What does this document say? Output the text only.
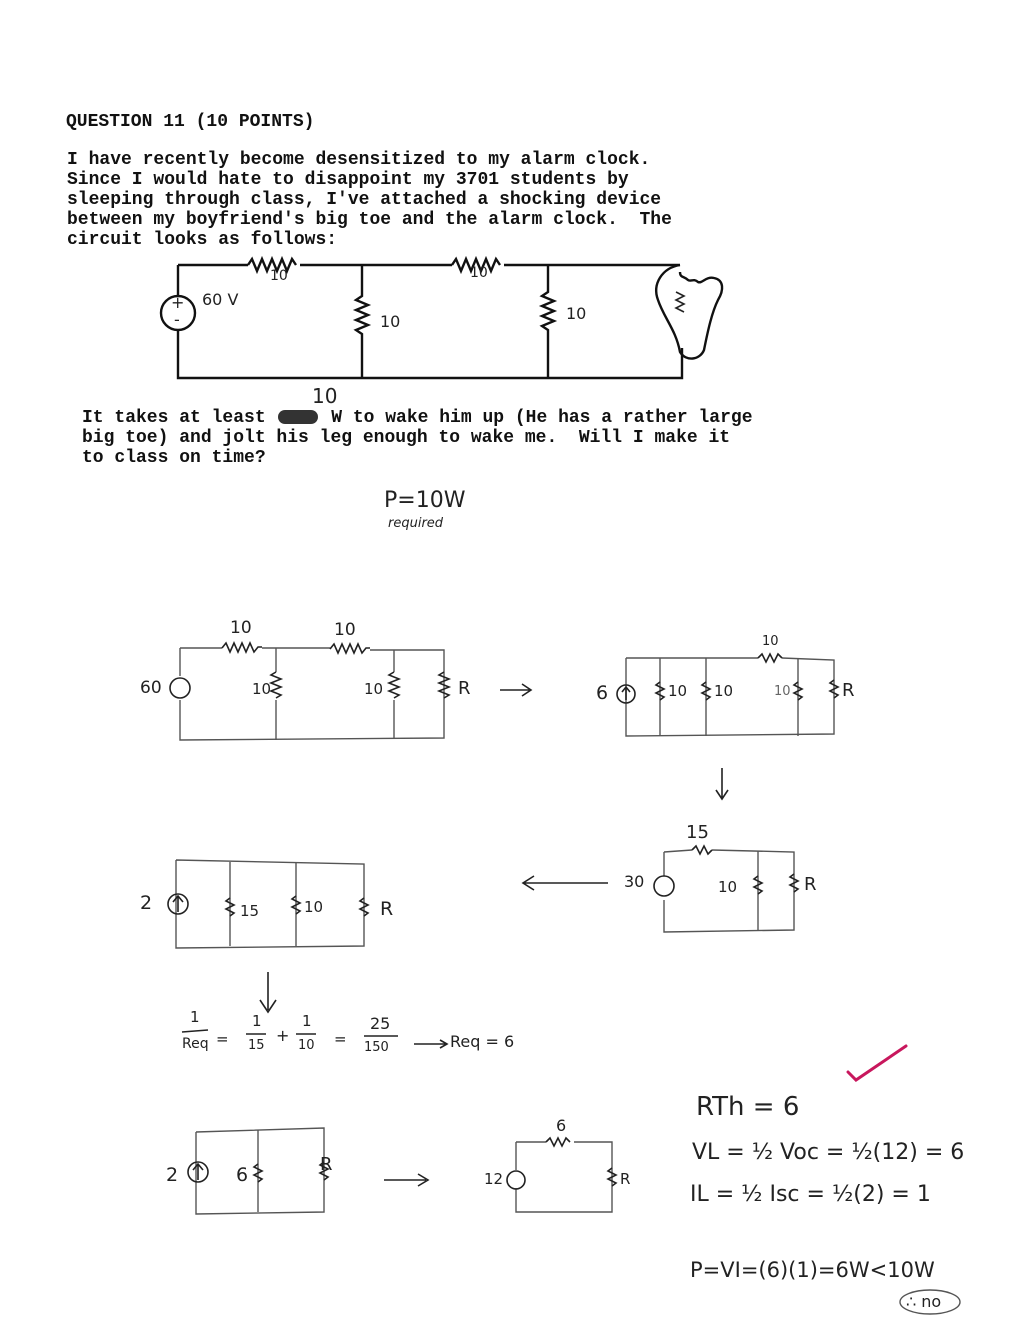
QUESTION 11 (10 POINTS)
I have recently become desensitized to my alarm clock.
Since I would hate to disappoint my 3701 students by
sleeping through class, I've attached a shocking device
between my boyfriend's big toe and the alarm clock.  The
circuit looks as follows:
It takes at least  W to wake him up (He has a rather large
big toe) and jolt his leg enough to wake me.  Will I make it
to class on time?
10
+
-
10	10
60 V
10	10
P=10W
required
60
10	10
10	10	R	6	10 10
10
10	R
30
15
10	R
2	15	10	R
1
Req =
1
15
+
1
10 =
25
150	Req = 6
2	6	R
12
6
R
RTh = 6
VL = ½ Voc = ½(12) = 6
IL = ½ Isc = ½(2) = 1
P=VI=(6)(1)=6W<10W
∴ no
